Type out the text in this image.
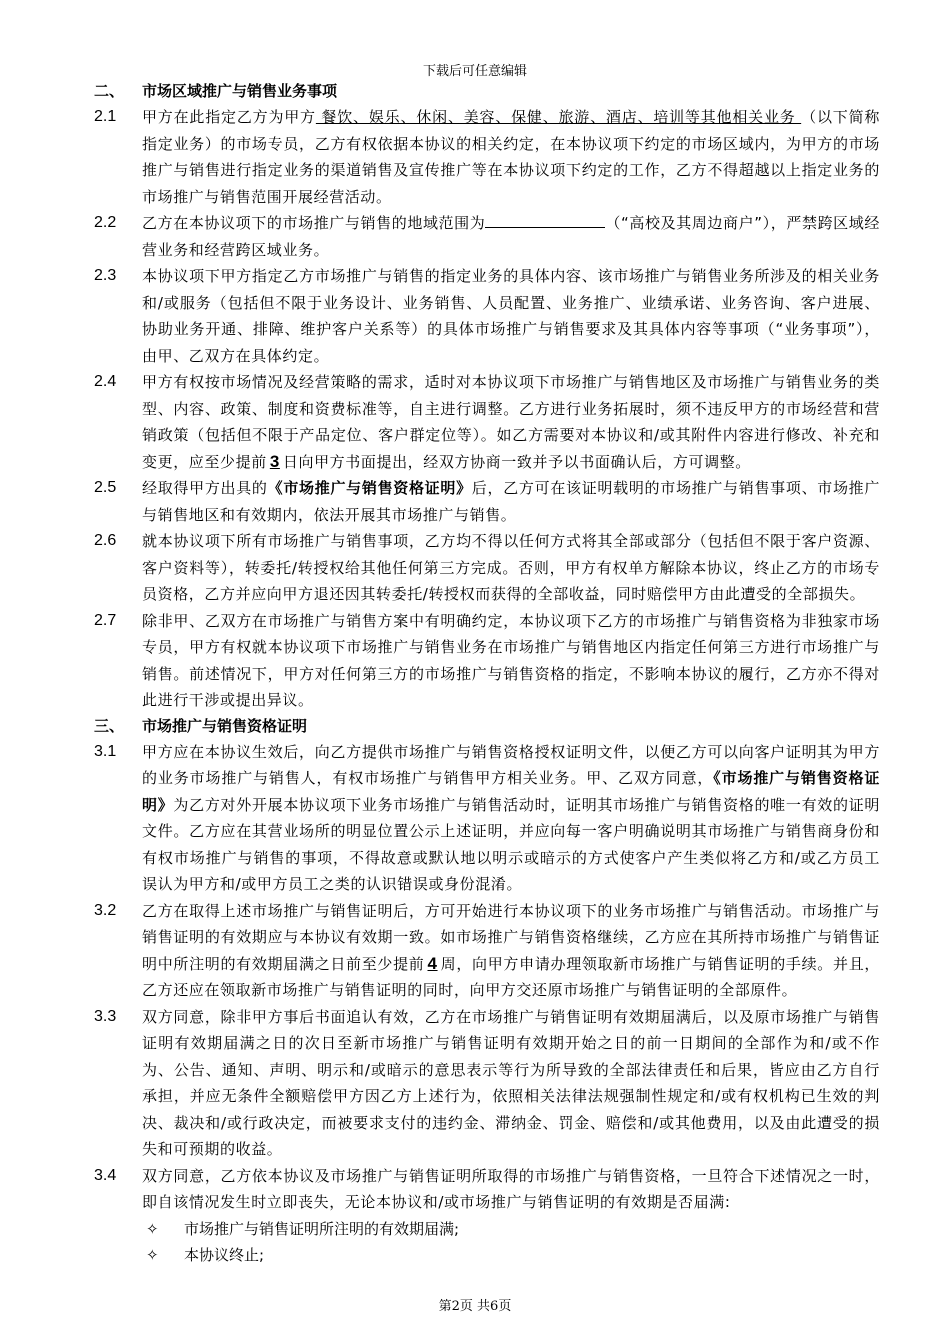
下载后可任意编辑
二、	市场区域推广与销售业务事项
2.1	甲方在此指定乙方为甲方 餐饮、娱乐、休闲、美容、保健、旅游、酒店、培训等其他相关业务 （以下简称指定业务）的市场专员，乙方有权依据本协议的相关约定，在本协议项下约定的市场区域内，为甲方的市场推广与销售进行指定业务的渠道销售及宣传推广等在本协议项下约定的工作，乙方不得超越以上指定业务的市场推广与销售范围开展经营活动。
2.2	乙方在本协议项下的市场推广与销售的地域范围为	（“高校及其周边商户”），严禁跨区域经营业务和经营跨区域业务。
2.3	本协议项下甲方指定乙方市场推广与销售的指定业务的具体内容、该市场推广与销售业务所涉及的相关业务和/或服务（包括但不限于业务设计、业务销售、人员配置、业务推广、业绩承诺、业务咨询、客户进展、协助业务开通、排障、维护客户关系等）的具体市场推广与销售要求及其具体内容等事项（“业务事项”），由甲、乙双方在具体约定。
2.4	甲方有权按市场情况及经营策略的需求，适时对本协议项下市场推广与销售地区及市场推广与销售业务的类型、内容、政策、制度和资费标准等，自主进行调整。乙方进行业务拓展时，须不违反甲方的市场经营和营销政策（包括但不限于产品定位、客户群定位等）。如乙方需要对本协议和/或其附件内容进行修改、补充和变更，应至少提前 3 日向甲方书面提出，经双方协商一致并予以书面确认后，方可调整。
2.5	经取得甲方出具的《市场推广与销售资格证明》后，乙方可在该证明载明的市场推广与销售事项、市场推广与销售地区和有效期内，依法开展其市场推广与销售。
2.6	就本协议项下所有市场推广与销售事项，乙方均不得以任何方式将其全部或部分（包括但不限于客户资源、客户资料等），转委托/转授权给其他任何第三方完成。否则，甲方有权单方解除本协议，终止乙方的市场专员资格，乙方并应向甲方退还因其转委托/转授权而获得的全部收益，同时赔偿甲方由此遭受的全部损失。
2.7	除非甲、乙双方在市场推广与销售方案中有明确约定，本协议项下乙方的市场推广与销售资格为非独家市场专员，甲方有权就本协议项下市场推广与销售业务在市场推广与销售地区内指定任何第三方进行市场推广与销售。前述情况下，甲方对任何第三方的市场推广与销售资格的指定，不影响本协议的履行，乙方亦不得对此进行干涉或提出异议。
三、	市场推广与销售资格证明
3.1	甲方应在本协议生效后，向乙方提供市场推广与销售资格授权证明文件，以便乙方可以向客户证明其为甲方的业务市场推广与销售人，有权市场推广与销售甲方相关业务。甲、乙双方同意，《市场推广与销售资格证明》为乙方对外开展本协议项下业务市场推广与销售活动时，证明其市场推广与销售资格的唯一有效的证明文件。乙方应在其营业场所的明显位置公示上述证明，并应向每一客户明确说明其市场推广与销售商身份和有权市场推广与销售的事项，不得故意或默认地以明示或暗示的方式使客户产生类似将乙方和/或乙方员工误认为甲方和/或甲方员工之类的认识错误或身份混淆。
3.2	乙方在取得上述市场推广与销售证明后，方可开始进行本协议项下的业务市场推广与销售活动。市场推广与销售证明的有效期应与本协议有效期一致。如市场推广与销售资格继续，乙方应在其所持市场推广与销售证明中所注明的有效期届满之日前至少提前 4 周，向甲方申请办理领取新市场推广与销售证明的手续。并且，乙方还应在领取新市场推广与销售证明的同时，向甲方交还原市场推广与销售证明的全部原件。
3.3	双方同意，除非甲方事后书面追认有效，乙方在市场推广与销售证明有效期届满后，以及原市场推广与销售证明有效期届满之日的次日至新市场推广与销售证明有效期开始之日的前一日期间的全部作为和/或不作为、公告、通知、声明、明示和/或暗示的意思表示等行为所导致的全部法律责任和后果，皆应由乙方自行承担，并应无条件全额赔偿甲方因乙方上述行为，依照相关法律法规强制性规定和/或有权机构已生效的判决、裁决和/或行政决定，而被要求支付的违约金、滞纳金、罚金、赔偿和/或其他费用，以及由此遭受的损失和可预期的收益。
3.4	双方同意，乙方依本协议及市场推广与销售证明所取得的市场推广与销售资格，一旦符合下述情况之一时，即自该情况发生时立即丧失，无论本协议和/或市场推广与销售证明的有效期是否届满:
✧	市场推广与销售证明所注明的有效期届满;
✧	本协议终止;
第2页 共6页
